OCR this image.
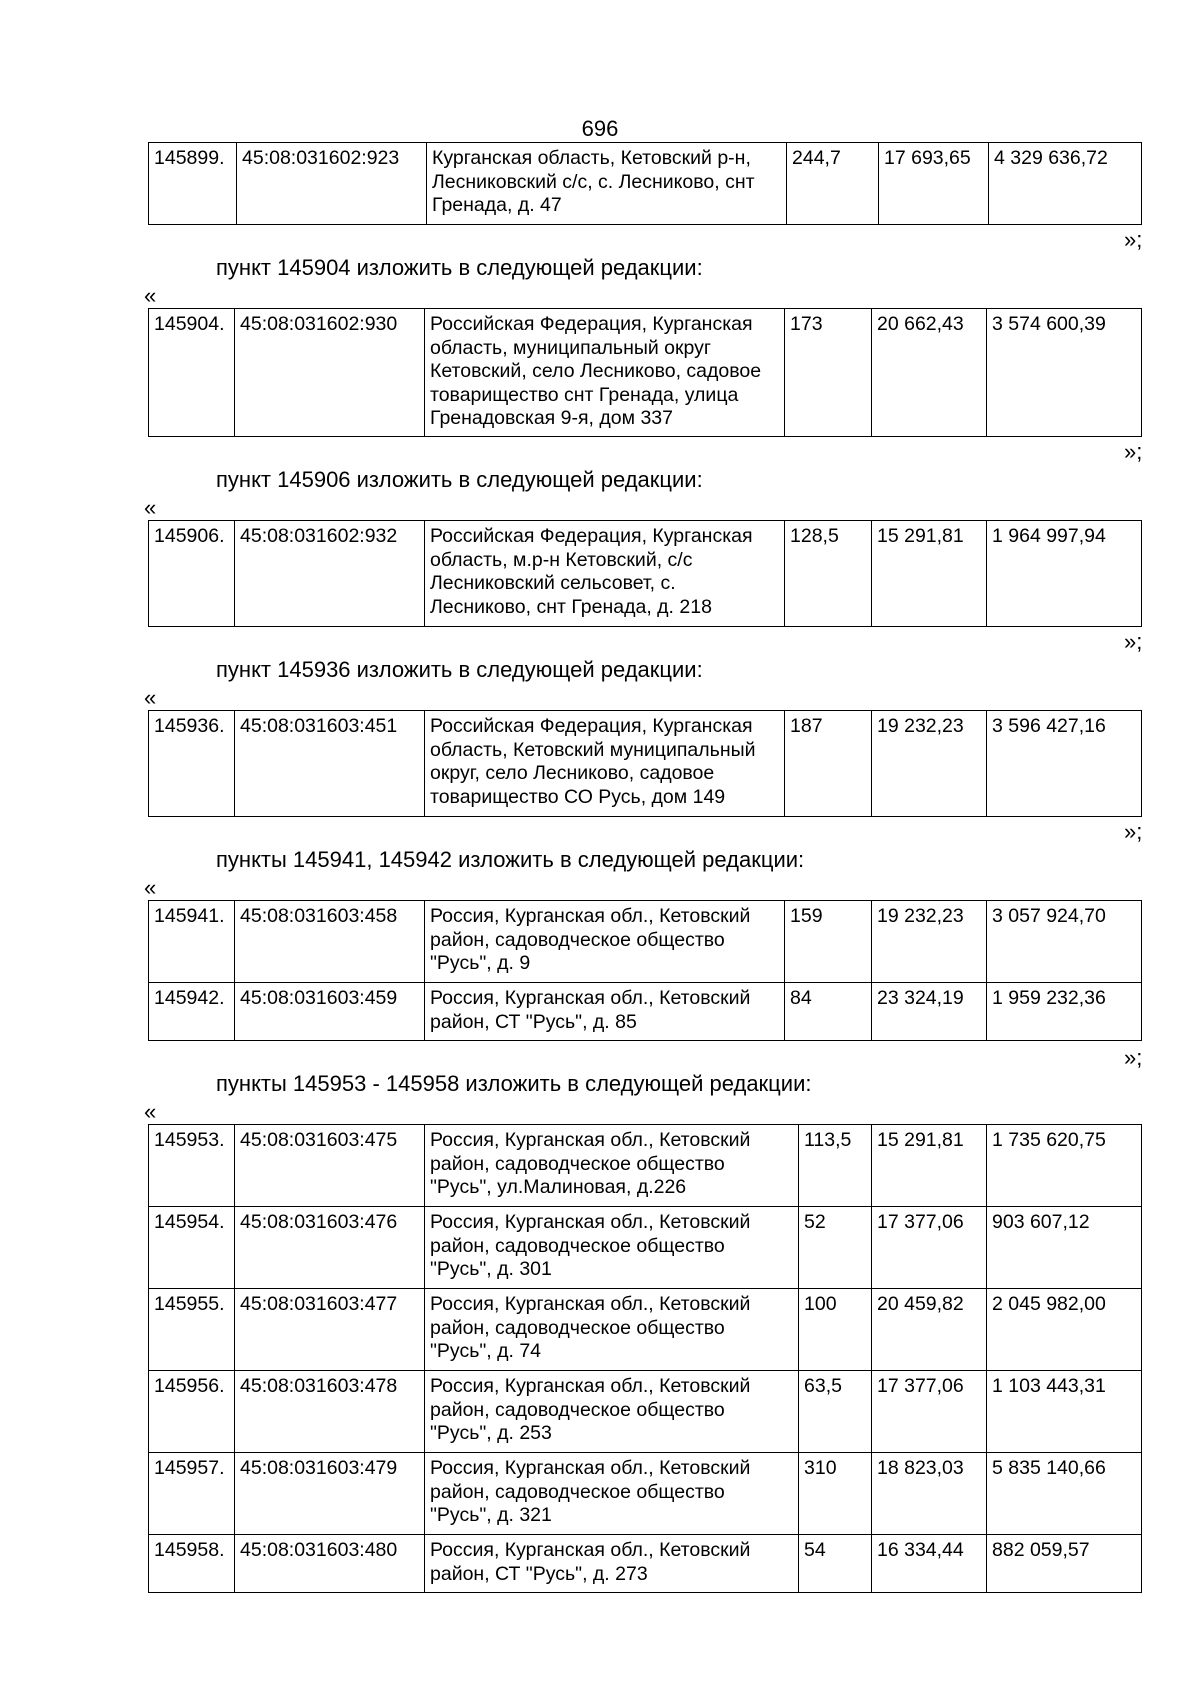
696
145899.	45:08:031602:923	Курганская область, Кетовский р-н, Лесниковский с/с, с. Лесниково, снт Гренада, д. 47	244,7	17 693,65	4 329 636,72
»;
пункт 145904 изложить в следующей редакции:
«
145904.	45:08:031602:930	Российская Федерация, Курганская область, муниципальный округ Кетовский, село Лесниково, садовое товарищество снт Гренада, улица Гренадовская 9-я, дом 337	173	20 662,43	3 574 600,39
»;
пункт 145906 изложить в следующей редакции:
«
145906.	45:08:031602:932	Российская Федерация, Курганская область, м.р-н Кетовский, с/с Лесниковский сельсовет, с. Лесниково, снт Гренада, д. 218	128,5	15 291,81	1 964 997,94
»;
пункт 145936 изложить в следующей редакции:
«
145936.	45:08:031603:451	Российская Федерация, Курганская область, Кетовский муниципальный округ, село Лесниково, садовое товарищество СО Русь, дом 149	187	19 232,23	3 596 427,16
»;
пункты 145941, 145942 изложить в следующей редакции:
«
145941.	45:08:031603:458	Россия, Курганская обл., Кетовский район, садоводческое общество "Русь", д. 9	159	19 232,23	3 057 924,70
145942.	45:08:031603:459	Россия, Курганская обл., Кетовский район, СТ "Русь", д. 85	84	23 324,19	1 959 232,36
»;
пункты 145953 - 145958 изложить в следующей редакции:
«
145953.	45:08:031603:475	Россия, Курганская обл., Кетовский район, садоводческое общество "Русь", ул.Малиновая, д.226	113,5	15 291,81	1 735 620,75
145954.	45:08:031603:476	Россия, Курганская обл., Кетовский район, садоводческое общество "Русь", д. 301	52	17 377,06	903 607,12
145955.	45:08:031603:477	Россия, Курганская обл., Кетовский район, садоводческое общество "Русь", д. 74	100	20 459,82	2 045 982,00
145956.	45:08:031603:478	Россия, Курганская обл., Кетовский район, садоводческое общество "Русь", д. 253	63,5	17 377,06	1 103 443,31
145957.	45:08:031603:479	Россия, Курганская обл., Кетовский район, садоводческое общество "Русь", д. 321	310	18 823,03	5 835 140,66
145958.	45:08:031603:480	Россия, Курганская обл., Кетовский район, СТ "Русь", д. 273	54	16 334,44	882 059,57
